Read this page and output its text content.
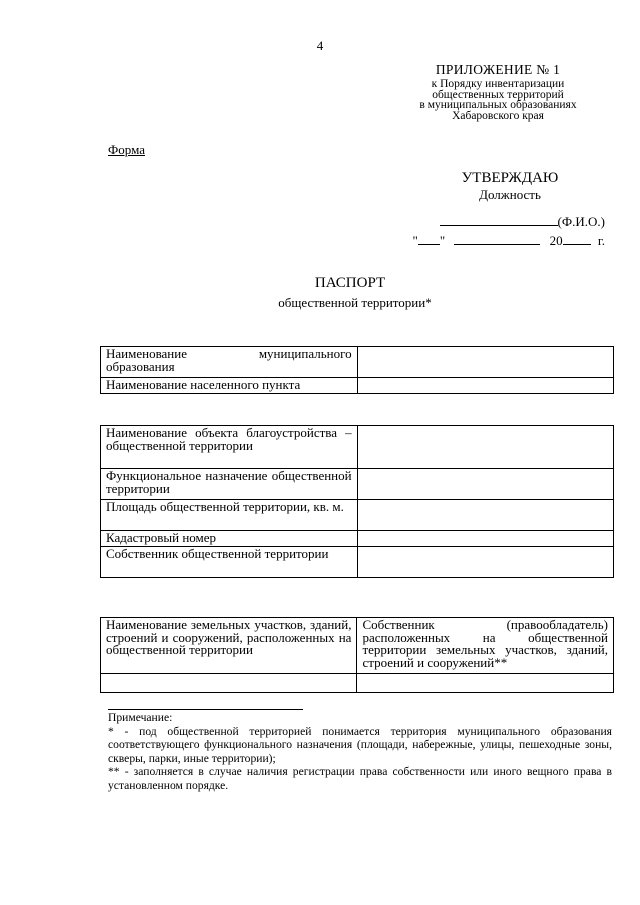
4
ПРИЛОЖЕНИЕ № 1
к Порядку инвентаризации
общественных территорий
в муниципальных образованиях
Хабаровского края
Форма
УТВЕРЖДАЮ
Должность
(Ф.И.О.)
" "	20	г.
ПАСПОРТ
общественной территории*
Наименование муниципального образования	
Наименование населенного пункта	
Наименование объекта благоустройства – общественной территории	
Функциональное назначение общественной территории	
Площадь общественной территории, кв. м.	
Кадастровый номер	
Собственник общественной территории	
Наименование земельных участков, зданий, строений и сооружений, расположенных на общественной территории	Собственник (правообладатель) расположенных на общественной территории земельных участков, зданий, строений и сооружений**

Примечание:

* - под общественной территорией понимается территория муниципального образования соответствующего функционального назначения (площади, набережные, улицы, пешеходные зоны, скверы, парки, иные территории);

** - заполняется в случае наличия регистрации права собственности или иного вещного права в установленном порядке.
